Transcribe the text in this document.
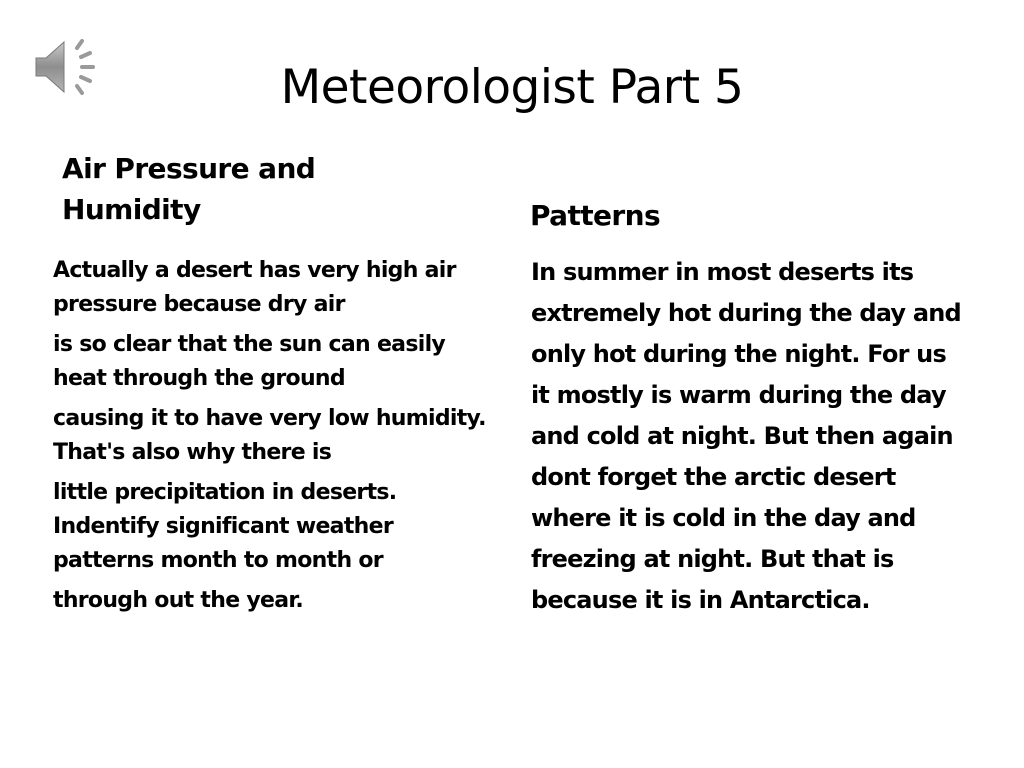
Meteorologist Part 5
Air Pressure and Humidity	Patterns

Actually a desert has very high air pressure because dry air

is so clear that the sun can easily heat through the ground

causing it to have very low humidity. That's also why there is

little precipitation in deserts. Indentify significant weather patterns month to month or

through out the year.

In summer in most deserts its extremely hot during the day and only hot during the night. For us it mostly is warm during the day and cold at night. But then again dont forget the arctic desert where it is cold in the day and freezing at night. But that is because it is in Antarctica.
